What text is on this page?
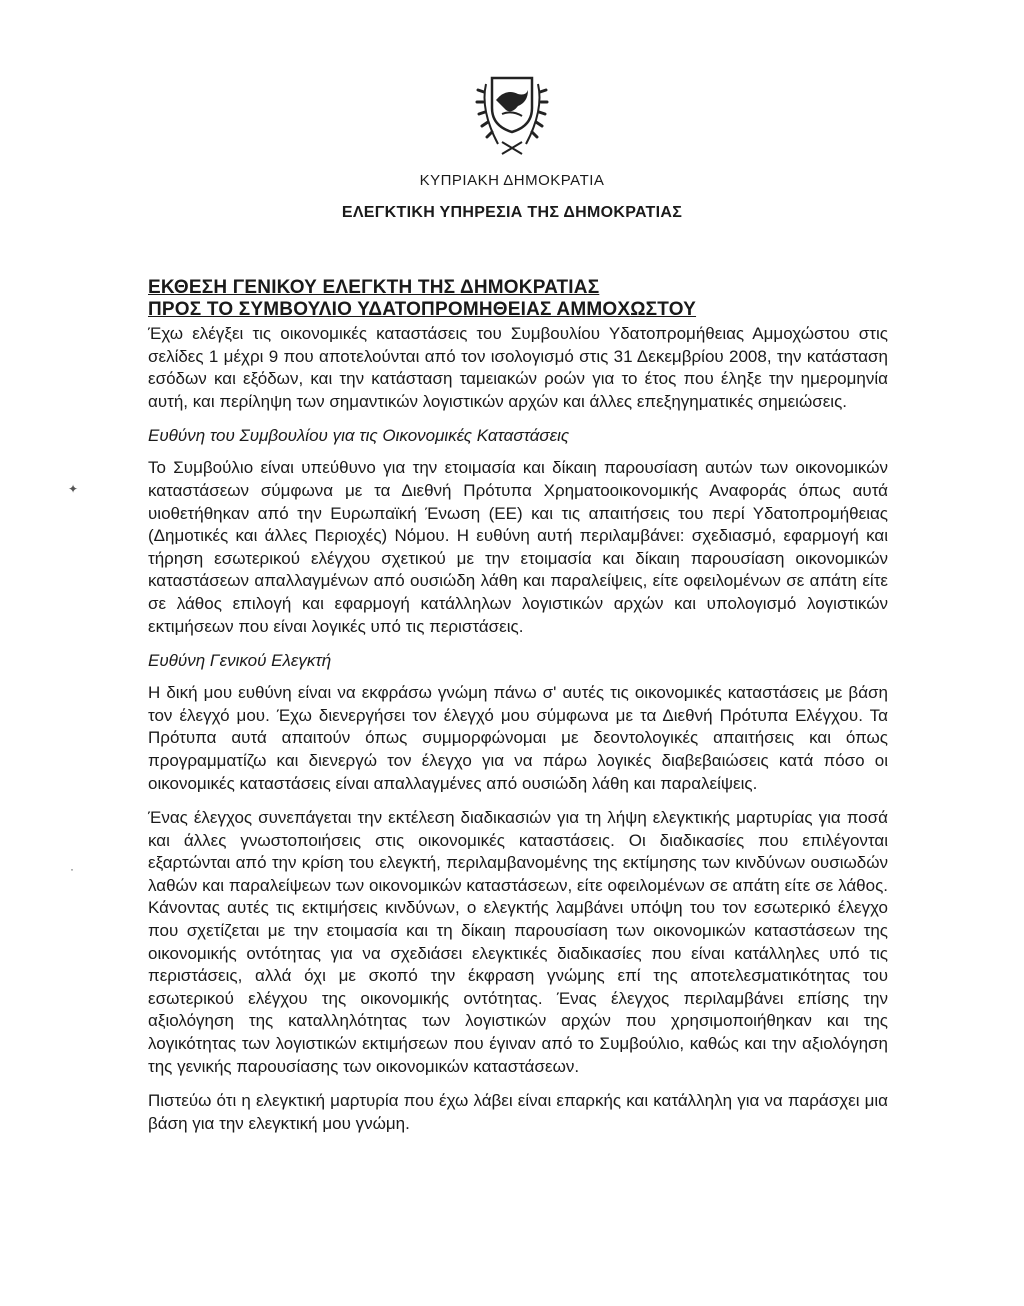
ΚΥΠΡΙΑΚΗ ΔΗΜΟΚΡΑΤΙΑ
ΕΛΕΓΚΤΙΚΗ ΥΠΗΡΕΣΙΑ ΤΗΣ ΔΗΜΟΚΡΑΤΙΑΣ
✦
·
ΕΚΘΕΣΗ ΓΕΝΙΚΟΥ ΕΛΕΓΚΤΗ ΤΗΣ ΔΗΜΟΚΡΑΤΙΑΣ
ΠΡΟΣ ΤΟ ΣΥΜΒΟΥΛΙΟ ΥΔΑΤΟΠΡΟΜΗΘΕΙΑΣ ΑΜΜΟΧΩΣΤΟΥ

Έχω ελέγξει τις οικονομικές καταστάσεις του Συμβουλίου Υδατοπρομήθειας Αμμοχώστου στις σελίδες 1 μέχρι 9 που αποτελούνται από τον ισολογισμό στις 31 Δεκεμβρίου 2008, την κατάσταση εσόδων και εξόδων, και την κατάσταση ταμειακών ροών για το έτος που έληξε την ημερομηνία αυτή, και περίληψη των σημαντικών λογιστικών αρχών και άλλες επεξηγηματικές σημειώσεις.

Ευθύνη του Συμβουλίου για τις Οικονομικές Καταστάσεις

Το Συμβούλιο είναι υπεύθυνο για την ετοιμασία και δίκαιη παρουσίαση αυτών των οικονομικών καταστάσεων σύμφωνα με τα Διεθνή Πρότυπα Χρηματοοικονομικής Αναφοράς όπως αυτά υιοθετήθηκαν από την Ευρωπαϊκή Ένωση (ΕΕ) και τις απαιτήσεις του περί Υδατοπρομήθειας (Δημοτικές και άλλες Περιοχές) Νόμου. Η ευθύνη αυτή περιλαμβάνει: σχεδιασμό, εφαρμογή και τήρηση εσωτερικού ελέγχου σχετικού με την ετοιμασία και δίκαιη παρουσίαση οικονομικών καταστάσεων απαλλαγμένων από ουσιώδη λάθη και παραλείψεις, είτε οφειλομένων σε απάτη είτε σε λάθος επιλογή και εφαρμογή κατάλληλων λογιστικών αρχών και υπολογισμό λογιστικών εκτιμήσεων που είναι λογικές υπό τις περιστάσεις.

Ευθύνη Γενικού Ελεγκτή

Η δική μου ευθύνη είναι να εκφράσω γνώμη πάνω σ' αυτές τις οικονομικές καταστάσεις με βάση τον έλεγχό μου. Έχω διενεργήσει τον έλεγχό μου σύμφωνα με τα Διεθνή Πρότυπα Ελέγχου. Τα Πρότυπα αυτά απαιτούν όπως συμμορφώνομαι με δεοντολογικές απαιτήσεις και όπως προγραμματίζω και διενεργώ τον έλεγχο για να πάρω λογικές διαβεβαιώσεις κατά πόσο οι οικονομικές καταστάσεις είναι απαλλαγμένες από ουσιώδη λάθη και παραλείψεις.

Ένας έλεγχος συνεπάγεται την εκτέλεση διαδικασιών για τη λήψη ελεγκτικής μαρτυρίας για ποσά και άλλες γνωστοποιήσεις στις οικονομικές καταστάσεις. Οι διαδικασίες που επιλέγονται εξαρτώνται από την κρίση του ελεγκτή, περιλαμβανομένης της εκτίμησης των κινδύνων ουσιωδών λαθών και παραλείψεων των οικονομικών καταστάσεων, είτε οφειλομένων σε απάτη είτε σε λάθος. Κάνοντας αυτές τις εκτιμήσεις κινδύνων, ο ελεγκτής λαμβάνει υπόψη του τον εσωτερικό έλεγχο που σχετίζεται με την ετοιμασία και τη δίκαιη παρουσίαση των οικονομικών καταστάσεων της οικονομικής οντότητας για να σχεδιάσει ελεγκτικές διαδικασίες που είναι κατάλληλες υπό τις περιστάσεις, αλλά όχι με σκοπό την έκφραση γνώμης επί της αποτελεσματικότητας του εσωτερικού ελέγχου της οικονομικής οντότητας. Ένας έλεγχος περιλαμβάνει επίσης την αξιολόγηση της καταλληλότητας των λογιστικών αρχών που χρησιμοποιήθηκαν και της λογικότητας των λογιστικών εκτιμήσεων που έγιναν από το Συμβούλιο, καθώς και την αξιολόγηση της γενικής παρουσίασης των οικονομικών καταστάσεων.

Πιστεύω ότι η ελεγκτική μαρτυρία που έχω λάβει είναι επαρκής και κατάλληλη για να παράσχει μια βάση για την ελεγκτική μου γνώμη.
